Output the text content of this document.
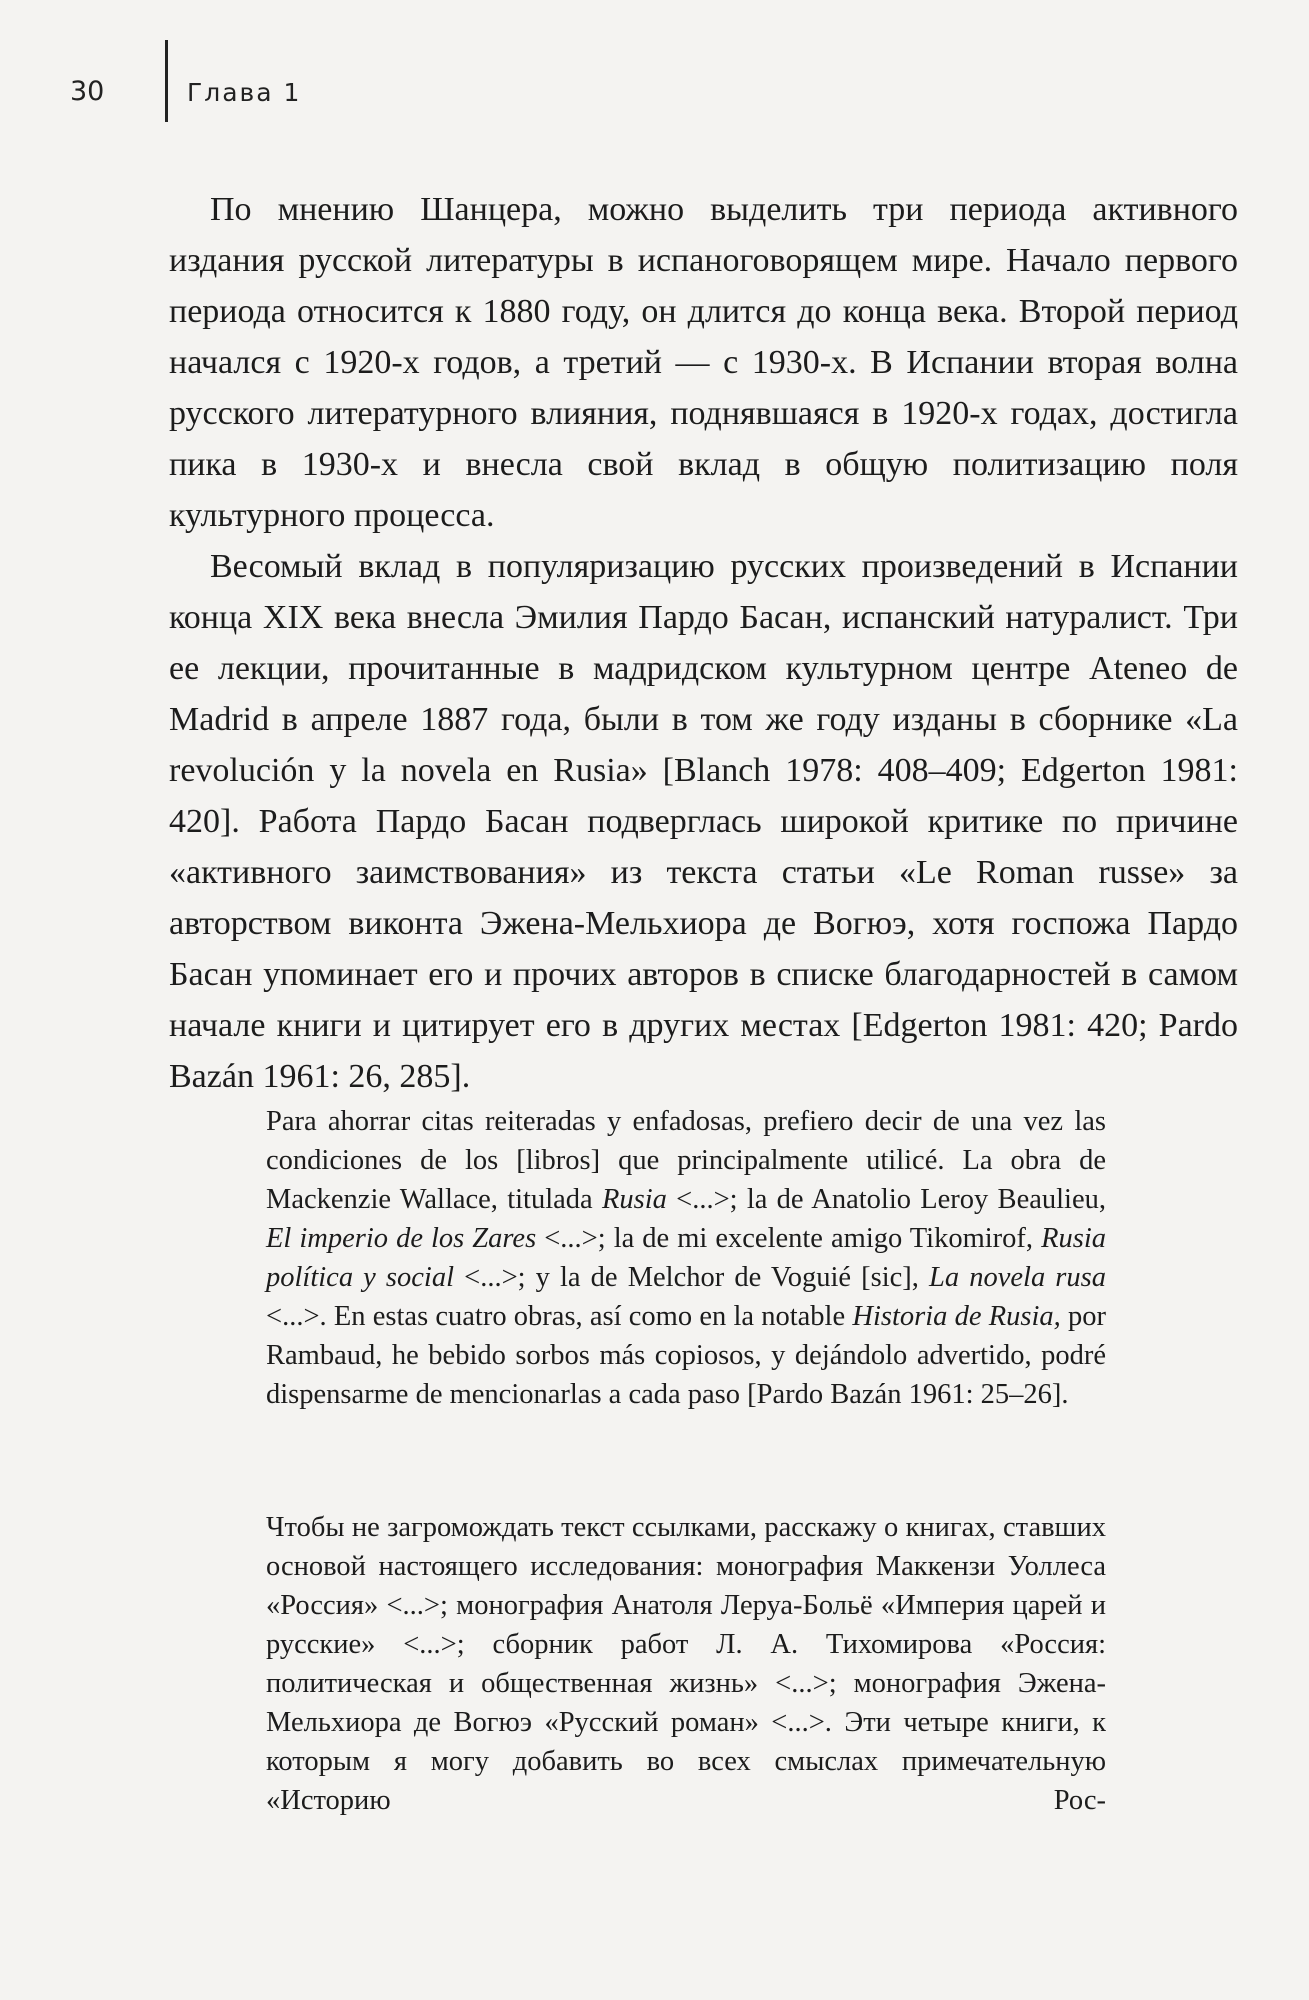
30	Глава 1

По мнению Шанцера, можно выделить три периода активного издания русской литературы в испаноговорящем мире. Начало первого периода относится к 1880 году, он длится до конца века. Второй период начался с 1920-х годов, а третий — с 1930-х. В Испании вторая волна русского литературного влияния, поднявшаяся в 1920-х годах, достигла пика в 1930-х и внесла свой вклад в общую политизацию поля культурного процесса.

Весомый вклад в популяризацию русских произведений в Испании конца XIX века внесла Эмилия Пардо Басан, испанский натуралист. Три ее лекции, прочитанные в мадридском культурном центре Ateneo de Madrid в апреле 1887 года, были в том же году изданы в сборнике «La revolución y la novela en Rusia» [Blanch 1978: 408–409; Edgerton 1981: 420]. Работа Пардо Басан подверглась широкой критике по причине «активного заимствования» из текста статьи «Le Roman russe» за авторством виконта Эжена-Мельхиора де Вогюэ, хотя госпожа Пардо Басан упоминает его и прочих авторов в списке благодарностей в самом начале книги и цитирует его в других местах [Edgerton 1981: 420; Pardo Bazán 1961: 26, 285].

Para ahorrar citas reiteradas y enfadosas, prefiero decir de una vez las condiciones de los [libros] que principalmente utilicé. La obra de Mackenzie Wallace, titulada Rusia <...>; la de Anatolio Leroy Beaulieu, El imperio de los Zares <...>; la de mi excelente amigo Tikomirof, Rusia política y social <...>; y la de Melchor de Voguié [sic], La novela rusa <...>. En estas cuatro obras, así como en la notable Historia de Rusia, por Rambaud, he bebido sorbos más copiosos, y dejándolo advertido, podré dispensarme de mencionarlas a cada paso [Pardo Bazán 1961: 25–26].

Чтобы не загромождать текст ссылками, расскажу о книгах, ставших основой настоящего исследования: монография Маккензи Уоллеса «Россия» <...>; монография Анатоля Леруа-Больё «Империя царей и русские» <...>; сборник работ Л. А. Тихомирова «Россия: политическая и общественная жизнь» <...>; монография Эжена-Мельхиора де Вогюэ «Русский роман» <...>. Эти четыре книги, к которым я могу добавить во всех смыслах примечательную «Историю Рос-
